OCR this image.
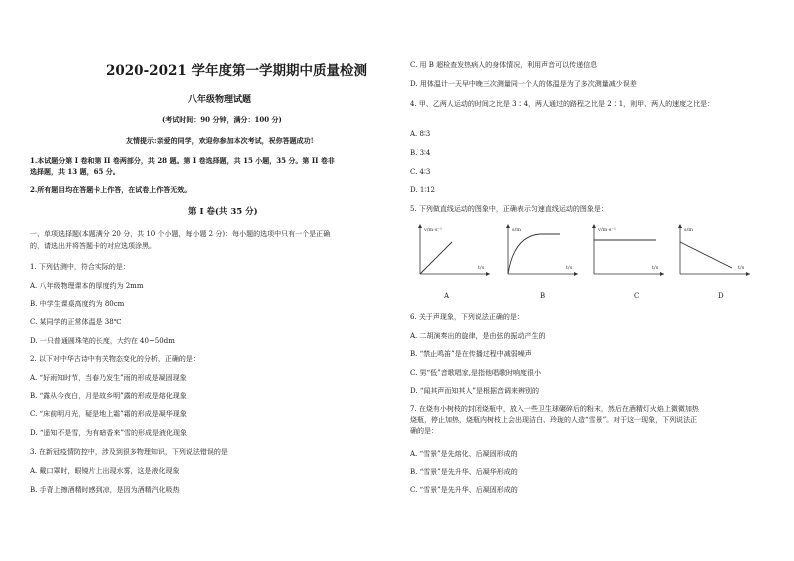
2020-2021 学年度第一学期期中质量检测
八年级物理试题
(考试时间：90 分钟，满分：100 分)
友情提示:亲爱的同学，欢迎你参加本次考试，祝你答题成功!
1.本试题分第 I 卷和第 II 卷两部分，共 28 题。第 I 卷选择题，共 15 小题，35 分。第 II 卷非
选择题，共 13 题，65 分。
2.所有题目均在答题卡上作答，在试卷上作答无效。
第 I 卷(共 35 分)
一、单项选择题(本题满分 20 分，共 10 个小题，每小题 2 分)：每小题的选项中只有一个是正确
的，请选出并将答题卡的对应选项涂黑。
1. 下列估测中，符合实际的是：
A. 八年级物理课本的厚度约为 2mm
B. 中学生课桌高度约为 80cm
C. 某同学的正常体温是 38℃
D. 一只普通圆珠笔的长度，大约在 40~50dm
2. 以下对中华古诗中有关物态变化的分析，正确的是：
A. “好雨知时节，当春乃发生”雨的形成是凝固现象
B. “露从今夜白，月是故乡明”露的形成是熔化现象
C. “床前明月光，疑是地上霜”霜的形成是凝华现象
D. “遥知不是雪，为有暗香来”雪的形成是液化现象
3. 在新冠疫情防控中，涉及到很多物理知识，下列说法错误的是
A. 戴口罩时，眼镜片上出现水雾，这是液化现象
B. 手背上擦酒精时感到凉，是因为酒精汽化吸热
C. 用 B 超检查发热病人的身体情况，利用声音可以传递信息
D. 用体温计一天早中晚三次测量同一个人的体温是为了多次测量减少误差
4. 甲、乙两人运动的时间之比是 3∶4，两人通过的路程之比是 2∶1，则甲、两人的速度之比是：
A. 8∶3
B. 3∶4
C. 4∶3
D. 1∶12
5. 下列做直线运动的图象中，正确表示匀速直线运动的图象是：
v/m·s⁻¹
t/s
s/m
t/s
v/m·s⁻¹
t/s
s/m
t/s
A	B	C	D
6. 关于声现象，下列说法正确的是：
A. 二胡演奏出的旋律，是由弦的振动产生的
B. “禁止鸣笛”是在传播过程中减弱噪声
C. 男“低”音歌唱家,是指他唱歌时响度很小
D. “闻其声而知其人”是根据音调来辨别的
7. 在烧有小树枝的封闭烧瓶中，放入一些卫生球碾碎后的粉末，然后在酒精灯火焰上微微加热
烧瓶，停止加热，烧瓶内树枝上会出现洁白、玲珑的人造“雪景”。对于这一现象，下列说法正
确的是：
A. “雪景”是先熔化、后凝固形成的
B. “雪景”是先升华、后凝华形成的
C. “雪景”是先升华、后凝固形成的
